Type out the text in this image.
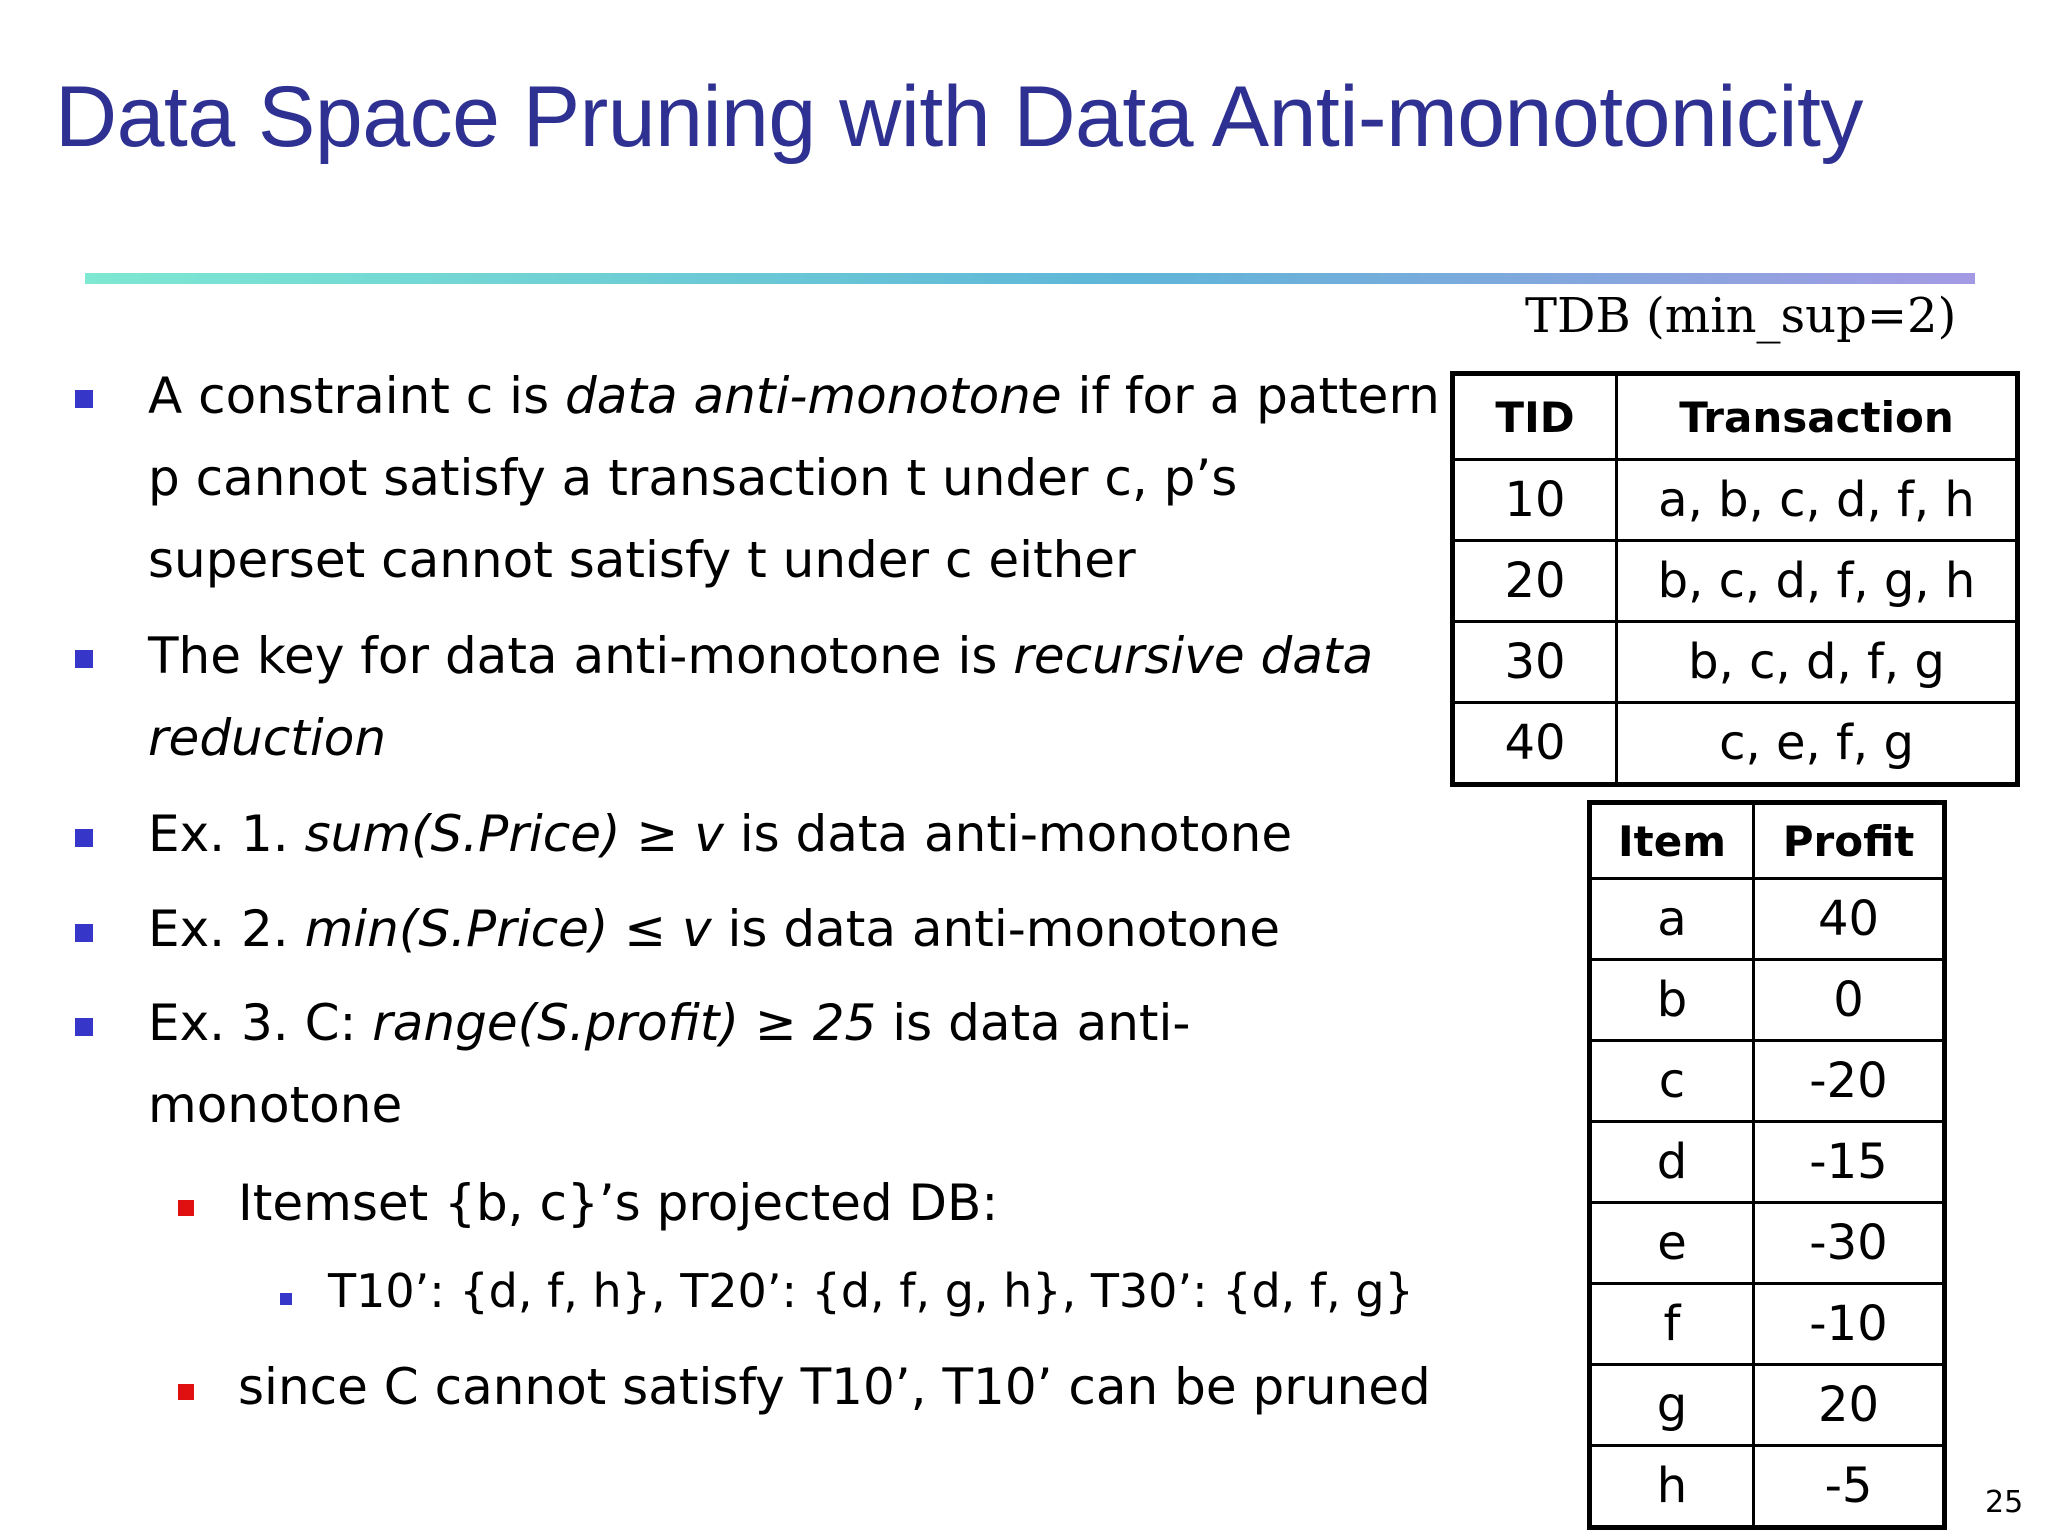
Data Space Pruning with Data Anti-monotonicity
TDB (min_sup=2)
A constraint c is data anti-monotone if for a pattern
p cannot satisfy a transaction t under c, p’s
superset cannot satisfy t under c either
The key for data anti-monotone is recursive data
reduction
Ex. 1. sum(S.Price) ≥ v is data anti-monotone
Ex. 2. min(S.Price) ≤ v is data anti-monotone
Ex. 3. C: range(S.profit) ≥ 25 is data anti-
monotone
Itemset {b, c}’s projected DB:
T10’: {d, f, h}, T20’: {d, f, g, h}, T30’: {d, f, g}
since C cannot satisfy T10’, T10’ can be pruned
TID	Transaction
10	a, b, c, d, f, h
20	b, c, d, f, g, h
30	b, c, d, f, g
40	c, e, f, g
Item	Profit
a	40
b	0
c	-20
d	-15
e	-30
f	-10
g	20
h	-5	25
